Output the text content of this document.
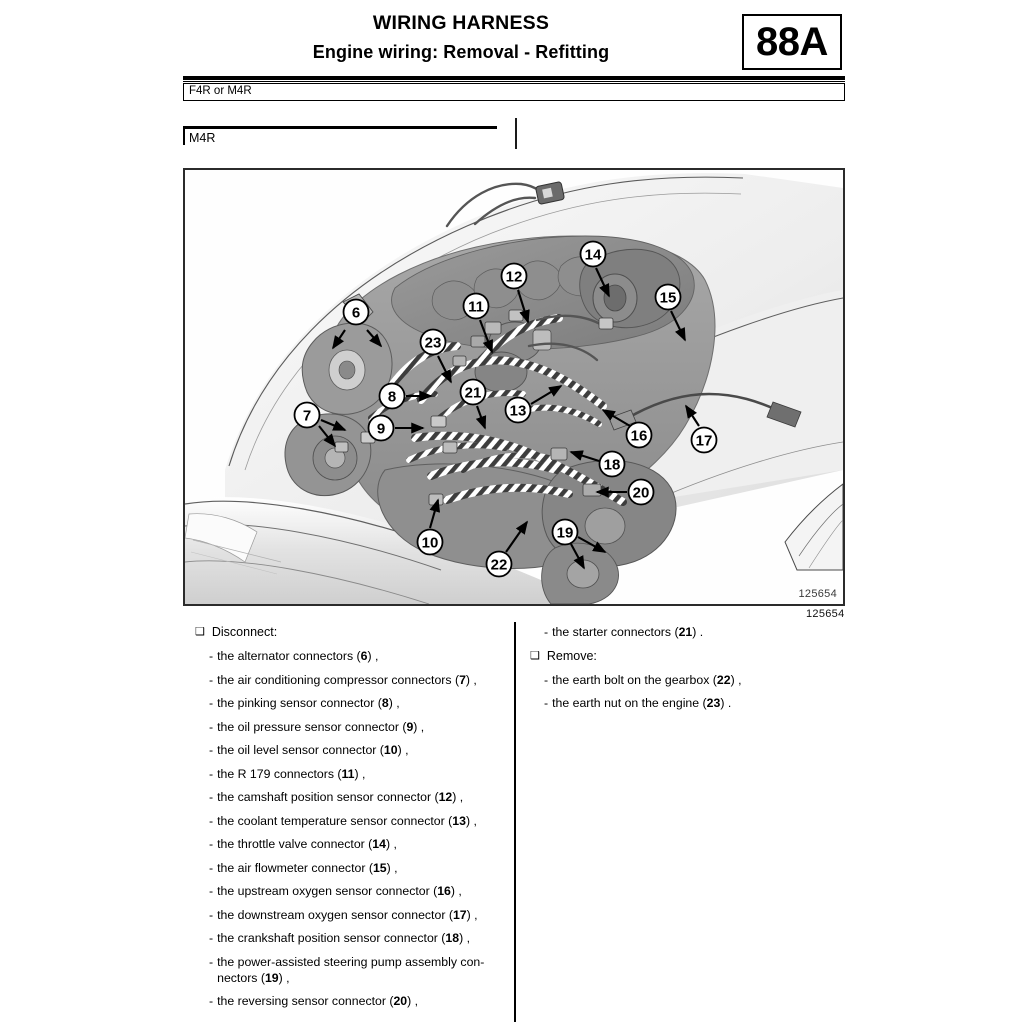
WIRING HARNESS
Engine wiring: Removal - Refitting	88A
F4R or M4R
M4R
6
7
8
9
10
11
12
13
14
15
16	17
18
19
20
21
22
23
125654
125654
❑ Disconnect:
- the alternator connectors (6) ,
- the air conditioning compressor connectors (7) ,
- the pinking sensor connector (8) ,
- the oil pressure sensor connector (9) ,
- the oil level sensor connector (10) ,
- the R 179 connectors (11) ,
- the camshaft position sensor connector (12) ,
- the coolant temperature sensor connector (13) ,
- the throttle valve connector (14) ,
- the air flowmeter connector (15) ,
- the upstream oxygen sensor connector (16) ,
- the downstream oxygen sensor connector (17) ,
- the crankshaft position sensor connector (18) ,
- the power-assisted steering pump assembly con-
nectors (19) ,
- the reversing sensor connector (20) ,
- the starter connectors (21) .
❑ Remove:
- the earth bolt on the gearbox (22) ,
- the earth nut on the engine (23) .
